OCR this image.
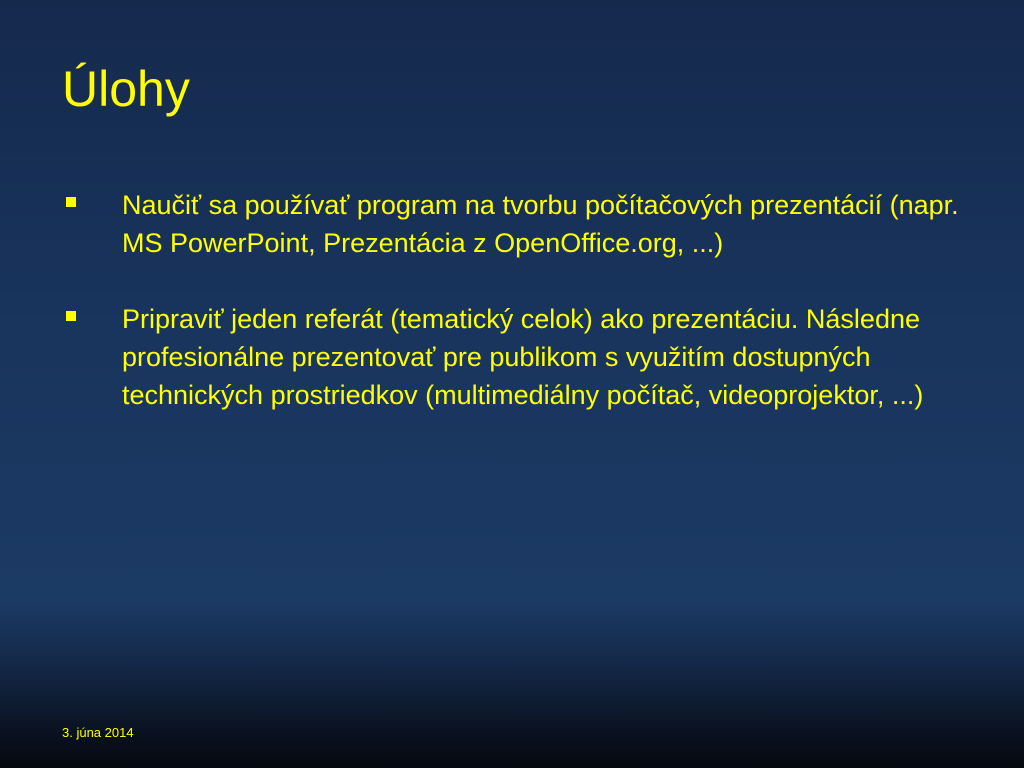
Úlohy
Naučiť sa používať program na tvorbu počítačových prezentácií (napr. MS PowerPoint, Prezentácia z OpenOffice.org, ...)
Pripraviť jeden referát (tematický celok) ako prezentáciu. Následne profesionálne prezentovať pre publikom s využitím dostupných technických prostriedkov (multimediálny počítač, videoprojektor, ...)
3. júna 2014
